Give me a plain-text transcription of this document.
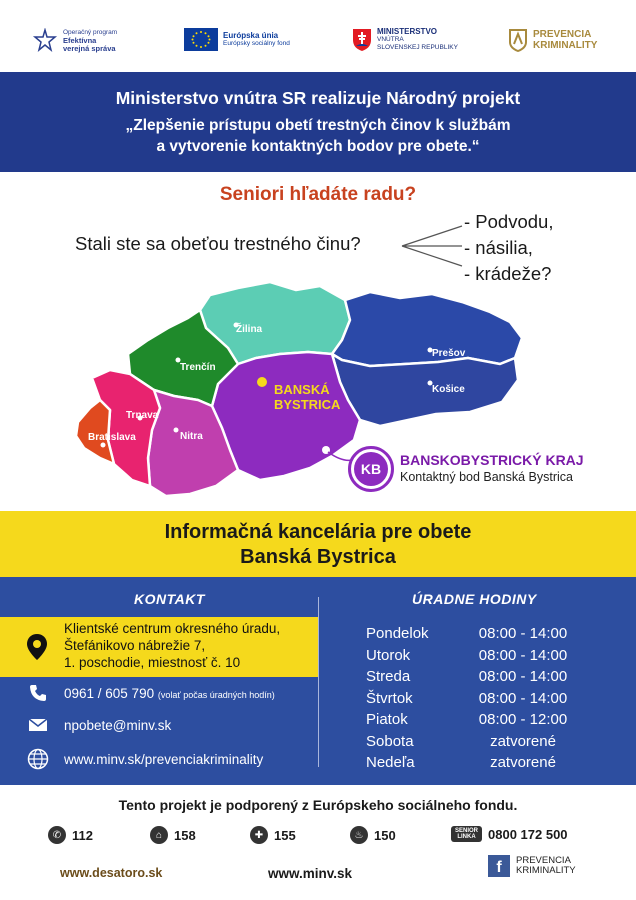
Operačný program
Efektívna
verejná správa
Európska únia
Európsky sociálny fond
MINISTERSTVO
VNÚTRA
SLOVENSKEJ REPUBLIKY
PREVENCIA
KRIMINALITY
Ministerstvo vnútra SR realizuje Národný projekt
„Zlepšenie prístupu obetí trestných činov k službám
a vytvorenie kontaktných bodov pre obete.“
Seniori hľadáte radu?
Stali ste sa obeťou trestného činu?
- Podvodu,
- násilia,
- krádeže?
Žilina
Prešov
Trenčín
Košice
Trnava
Bratislava	Nitra
BANSKÁ
BYSTRICA
KB
BANSKOBYSTRICKÝ KRAJ
Kontaktný bod Banská Bystrica
Informačná kancelária pre obete
Banská Bystrica
KONTAKT	ÚRADNE HODINY
Klientské centrum okresného úradu,
Štefánikovo nábrežie 7,
1. poschodie, miestnosť č. 10
0961 / 605 790 (volať počas úradných hodín)
npobete@minv.sk
www.minv.sk/prevenciakriminality
Pondelok	08:00 - 14:00
Utorok	08:00 - 14:00
Streda	08:00 - 14:00
Štvrtok	08:00 - 14:00
Piatok	08:00 - 12:00
Sobota	zatvorené
Nedeľa	zatvorené
Tento projekt je podporený z Európskeho sociálneho fondu.
✆ 112	⌂ 158	✚ 155	♨ 150	SENIOR
LINKA 0800 172 500
www.desatoro.sk	www.minv.sk	f	PREVENCIA
KRIMINALITY
